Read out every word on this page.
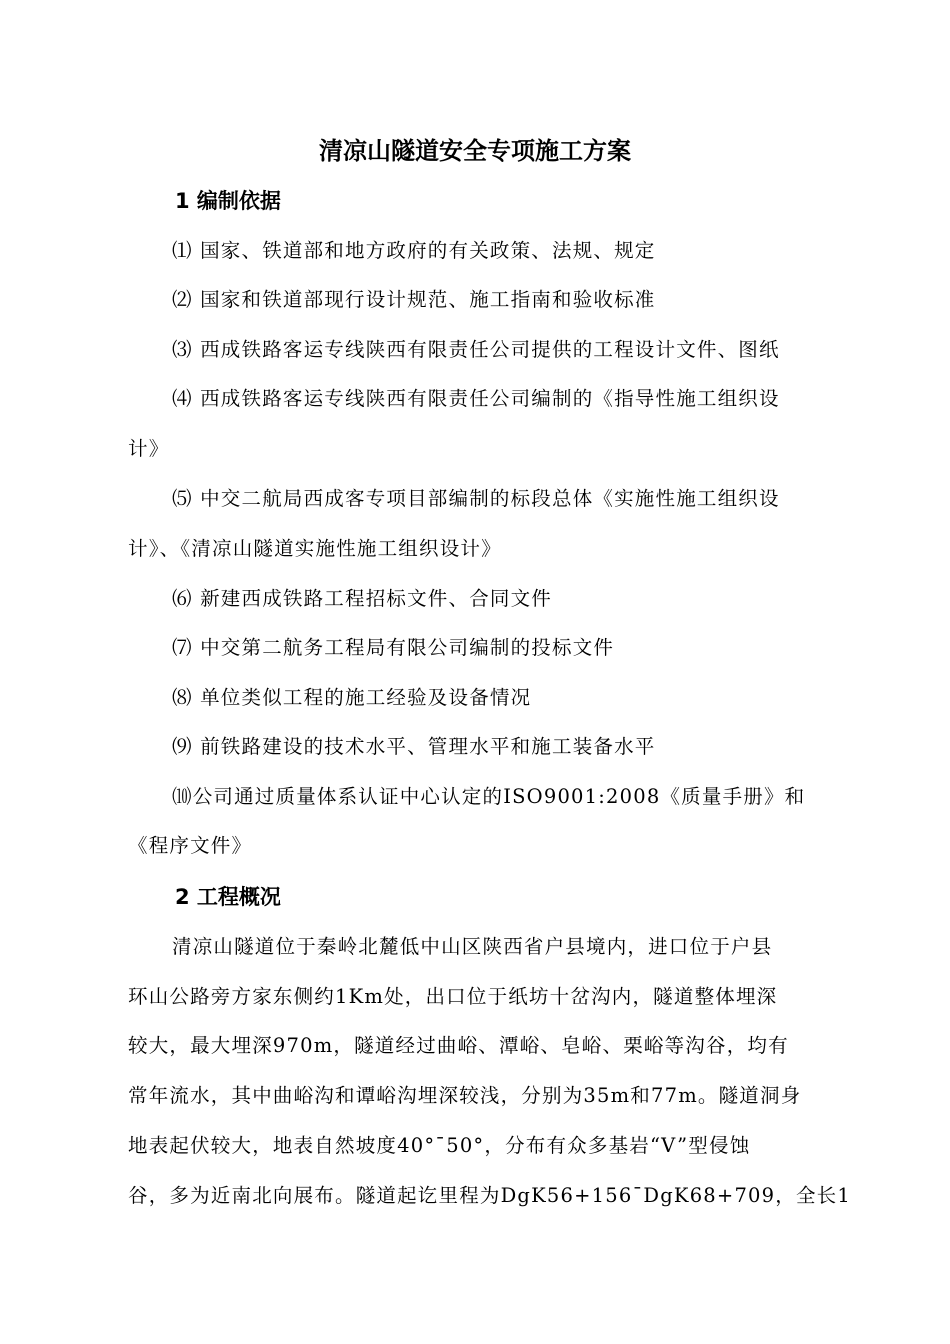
清凉山隧道安全专项施工方案
1 编制依据
⑴ 国家、铁道部和地方政府的有关政策、法规、规定
⑵ 国家和铁道部现行设计规范、施工指南和验收标准
⑶ 西成铁路客运专线陕西有限责任公司提供的工程设计文件、图纸
⑷ 西成铁路客运专线陕西有限责任公司编制的《指导性施工组织设
计》
⑸ 中交二航局西成客专项目部编制的标段总体《实施性施工组织设
计》、《清凉山隧道实施性施工组织设计》
⑹ 新建西成铁路工程招标文件、合同文件
⑺ 中交第二航务工程局有限公司编制的投标文件
⑻ 单位类似工程的施工经验及设备情况
⑼ 前铁路建设的技术水平、管理水平和施工装备水平
⑽公司通过质量体系认证中心认定的ISO9001:2008《质量手册》和
《程序文件》
2 工程概况
清凉山隧道位于秦岭北麓低中山区陕西省户县境内，进口位于户县
环山公路旁方家东侧约1Km处，出口位于纸坊十岔沟内，隧道整体埋深
较大，最大埋深970m，隧道经过曲峪、潭峪、皂峪、栗峪等沟谷，均有
常年流水，其中曲峪沟和谭峪沟埋深较浅，分别为35m和77m。隧道洞身
地表起伏较大，地表自然坡度40°¯50°，分布有众多基岩“V”型侵蚀
谷，多为近南北向展布。隧道起讫里程为DgK56+156¯DgK68+709，全长1
